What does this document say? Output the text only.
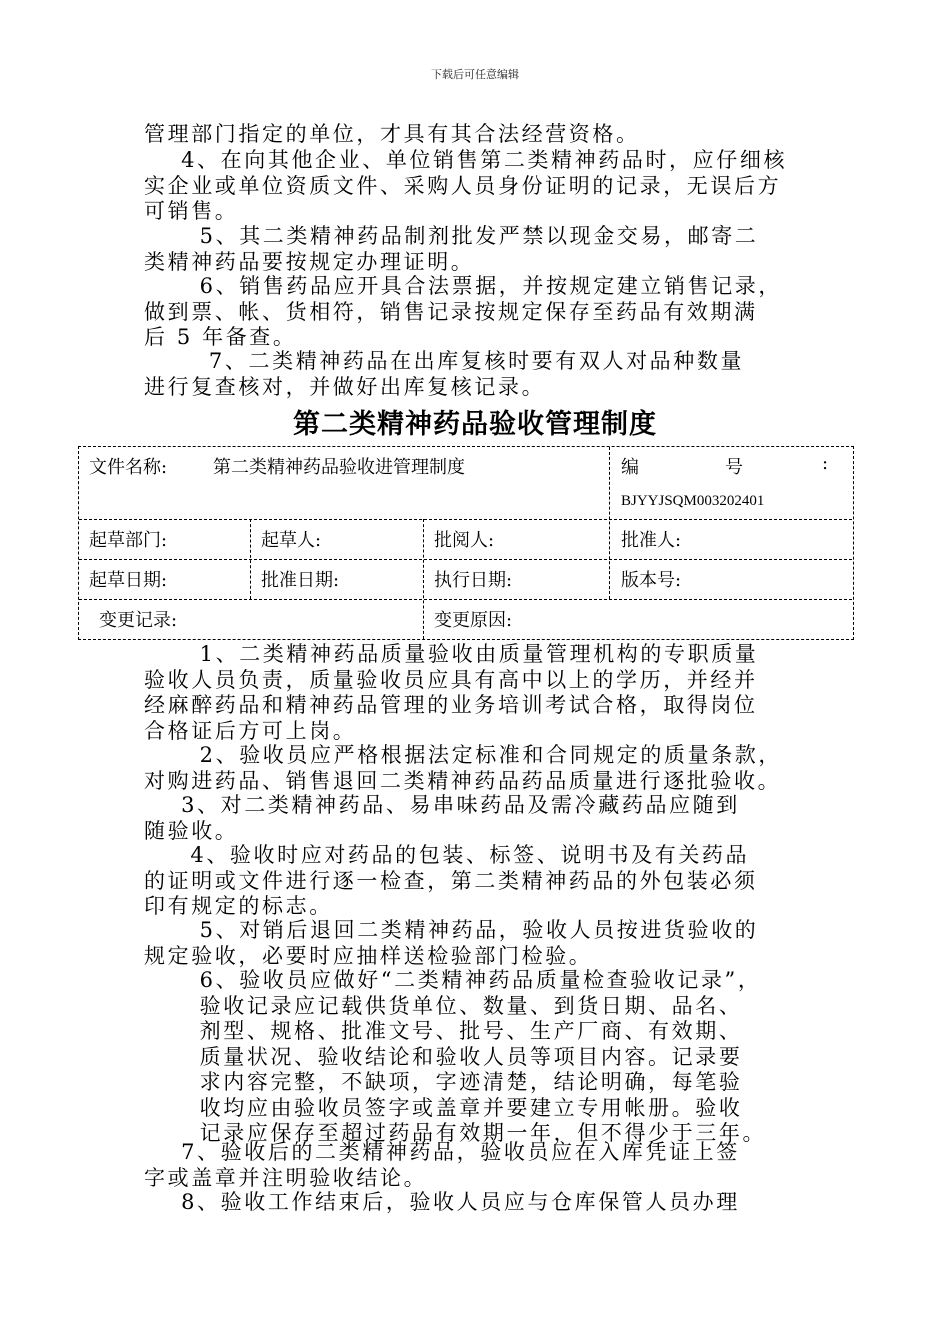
下载后可任意编辑
管理部门指定的单位，才具有其合法经营资格。
4、在向其他企业、单位销售第二类精神药品时，应仔细核
实企业或单位资质文件、采购人员身份证明的记录，无误后方
可销售。
5、其二类精神药品制剂批发严禁以现金交易，邮寄二
类精神药品要按规定办理证明。
6、销售药品应开具合法票据，并按规定建立销售记录，
做到票、帐、货相符，销售记录按规定保存至药品有效期满
后 5 年备查。
7、二类精神药品在出库复核时要有双人对品种数量
进行复查核对，并做好出库复核记录。
第二类精神药品验收管理制度
文件名称:	第二类精神药品验收进管理制度	编	号	:
BJYYJSQM003202401
起草部门:	起草人:	批阅人:	批准人:
起草日期:	批准日期:	执行日期:	版本号:
变更记录:	变更原因:
1、二类精神药品质量验收由质量管理机构的专职质量
验收人员负责，质量验收员应具有高中以上的学历，并经并
经麻醉药品和精神药品管理的业务培训考试合格，取得岗位
合格证后方可上岗。
2、验收员应严格根据法定标准和合同规定的质量条款，
对购进药品、销售退回二类精神药品药品质量进行逐批验收。
3、对二类精神药品、易串味药品及需冷藏药品应随到
随验收。
4、验收时应对药品的包装、标签、说明书及有关药品
的证明或文件进行逐一检查，第二类精神药品的外包装必须
印有规定的标志。
5、对销后退回二类精神药品，验收人员按进货验收的
规定验收，必要时应抽样送检验部门检验。
6、验收员应做好“二类精神药品质量检查验收记录”，
验收记录应记载供货单位、数量、到货日期、品名、
剂型、规格、批准文号、批号、生产厂商、有效期、
质量状况、验收结论和验收人员等项目内容。记录要
求内容完整，不缺项，字迹清楚，结论明确，每笔验
收均应由验收员签字或盖章并要建立专用帐册。验收
记录应保存至超过药品有效期一年，但不得少于三年。
7、验收后的二类精神药品，验收员应在入库凭证上签
字或盖章并注明验收结论。
8、验收工作结束后，验收人员应与仓库保管人员办理
